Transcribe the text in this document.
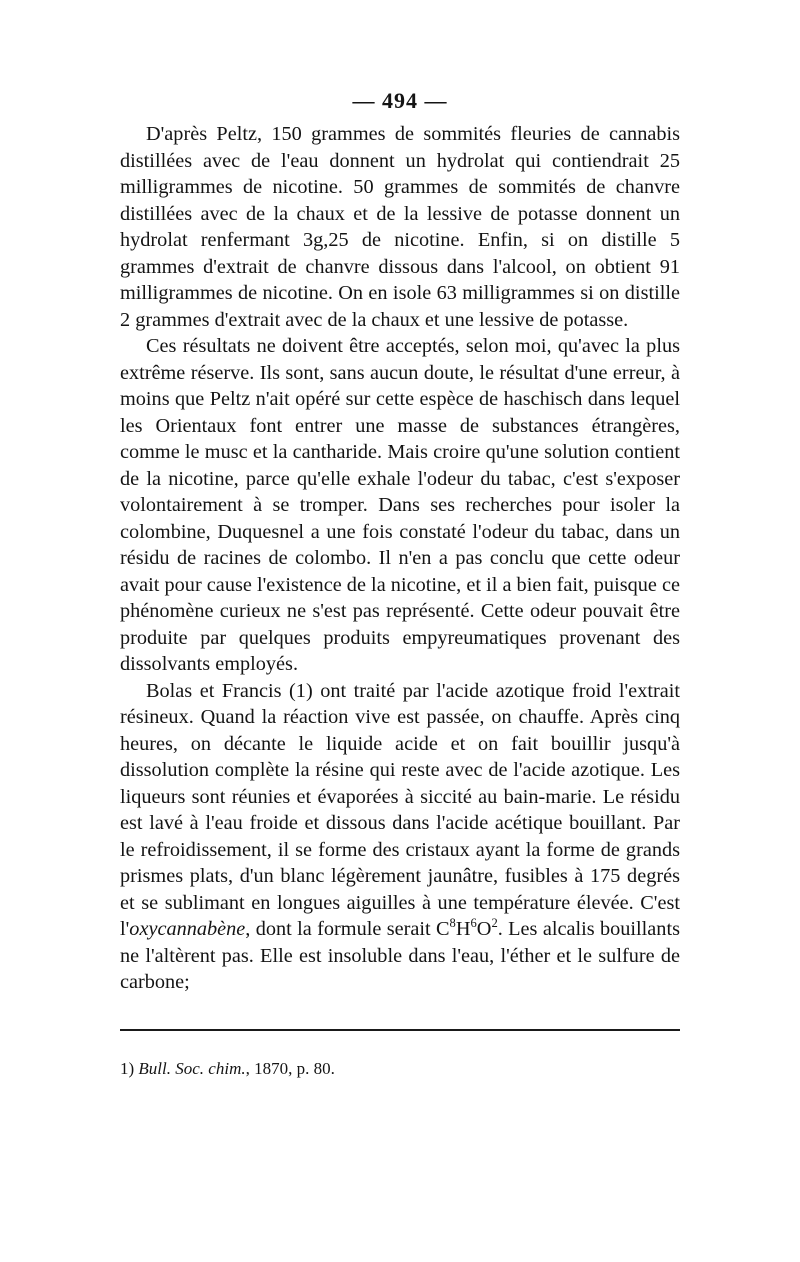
— 494 —

D'après Peltz, 150 grammes de sommités fleuries de cannabis distillées avec de l'eau donnent un hydrolat qui contiendrait 25 milligrammes de nicotine. 50 grammes de sommités de chanvre distillées avec de la chaux et de la lessive de potasse donnent un hydrolat renfermant 3g,25 de nicotine. Enfin, si on distille 5 grammes d'extrait de chanvre dissous dans l'alcool, on obtient 91 milligrammes de nicotine. On en isole 63 milligrammes si on distille 2 grammes d'extrait avec de la chaux et une lessive de potasse.

Ces résultats ne doivent être acceptés, selon moi, qu'avec la plus extrême réserve. Ils sont, sans aucun doute, le résultat d'une erreur, à moins que Peltz n'ait opéré sur cette espèce de haschisch dans lequel les Orientaux font entrer une masse de substances étrangères, comme le musc et la cantharide. Mais croire qu'une solution contient de la nicotine, parce qu'elle exhale l'odeur du tabac, c'est s'exposer volontairement à se tromper. Dans ses recherches pour isoler la colombine, Duquesnel a une fois constaté l'odeur du tabac, dans un résidu de racines de colombo. Il n'en a pas conclu que cette odeur avait pour cause l'existence de la nicotine, et il a bien fait, puisque ce phénomène curieux ne s'est pas représenté. Cette odeur pouvait être produite par quelques produits empyreumatiques provenant des dissolvants employés.

Bolas et Francis (1) ont traité par l'acide azotique froid l'extrait résineux. Quand la réaction vive est passée, on chauffe. Après cinq heures, on décante le liquide acide et on fait bouillir jusqu'à dissolution complète la résine qui reste avec de l'acide azotique. Les liqueurs sont réunies et évaporées à siccité au bain-marie. Le résidu est lavé à l'eau froide et dissous dans l'acide acétique bouillant. Par le refroidissement, il se forme des cristaux ayant la forme de grands prismes plats, d'un blanc légèrement jaunâtre, fusibles à 175 degrés et se sublimant en longues aiguilles à une température élevée. C'est l'oxycannabène, dont la formule serait $C^8H^6O^2$. Les alcalis bouillants ne l'altèrent pas. Elle est insoluble dans l'eau, l'éther et le sulfure de carbone;

1) Bull. Soc. chim., 1870, p. 80.
